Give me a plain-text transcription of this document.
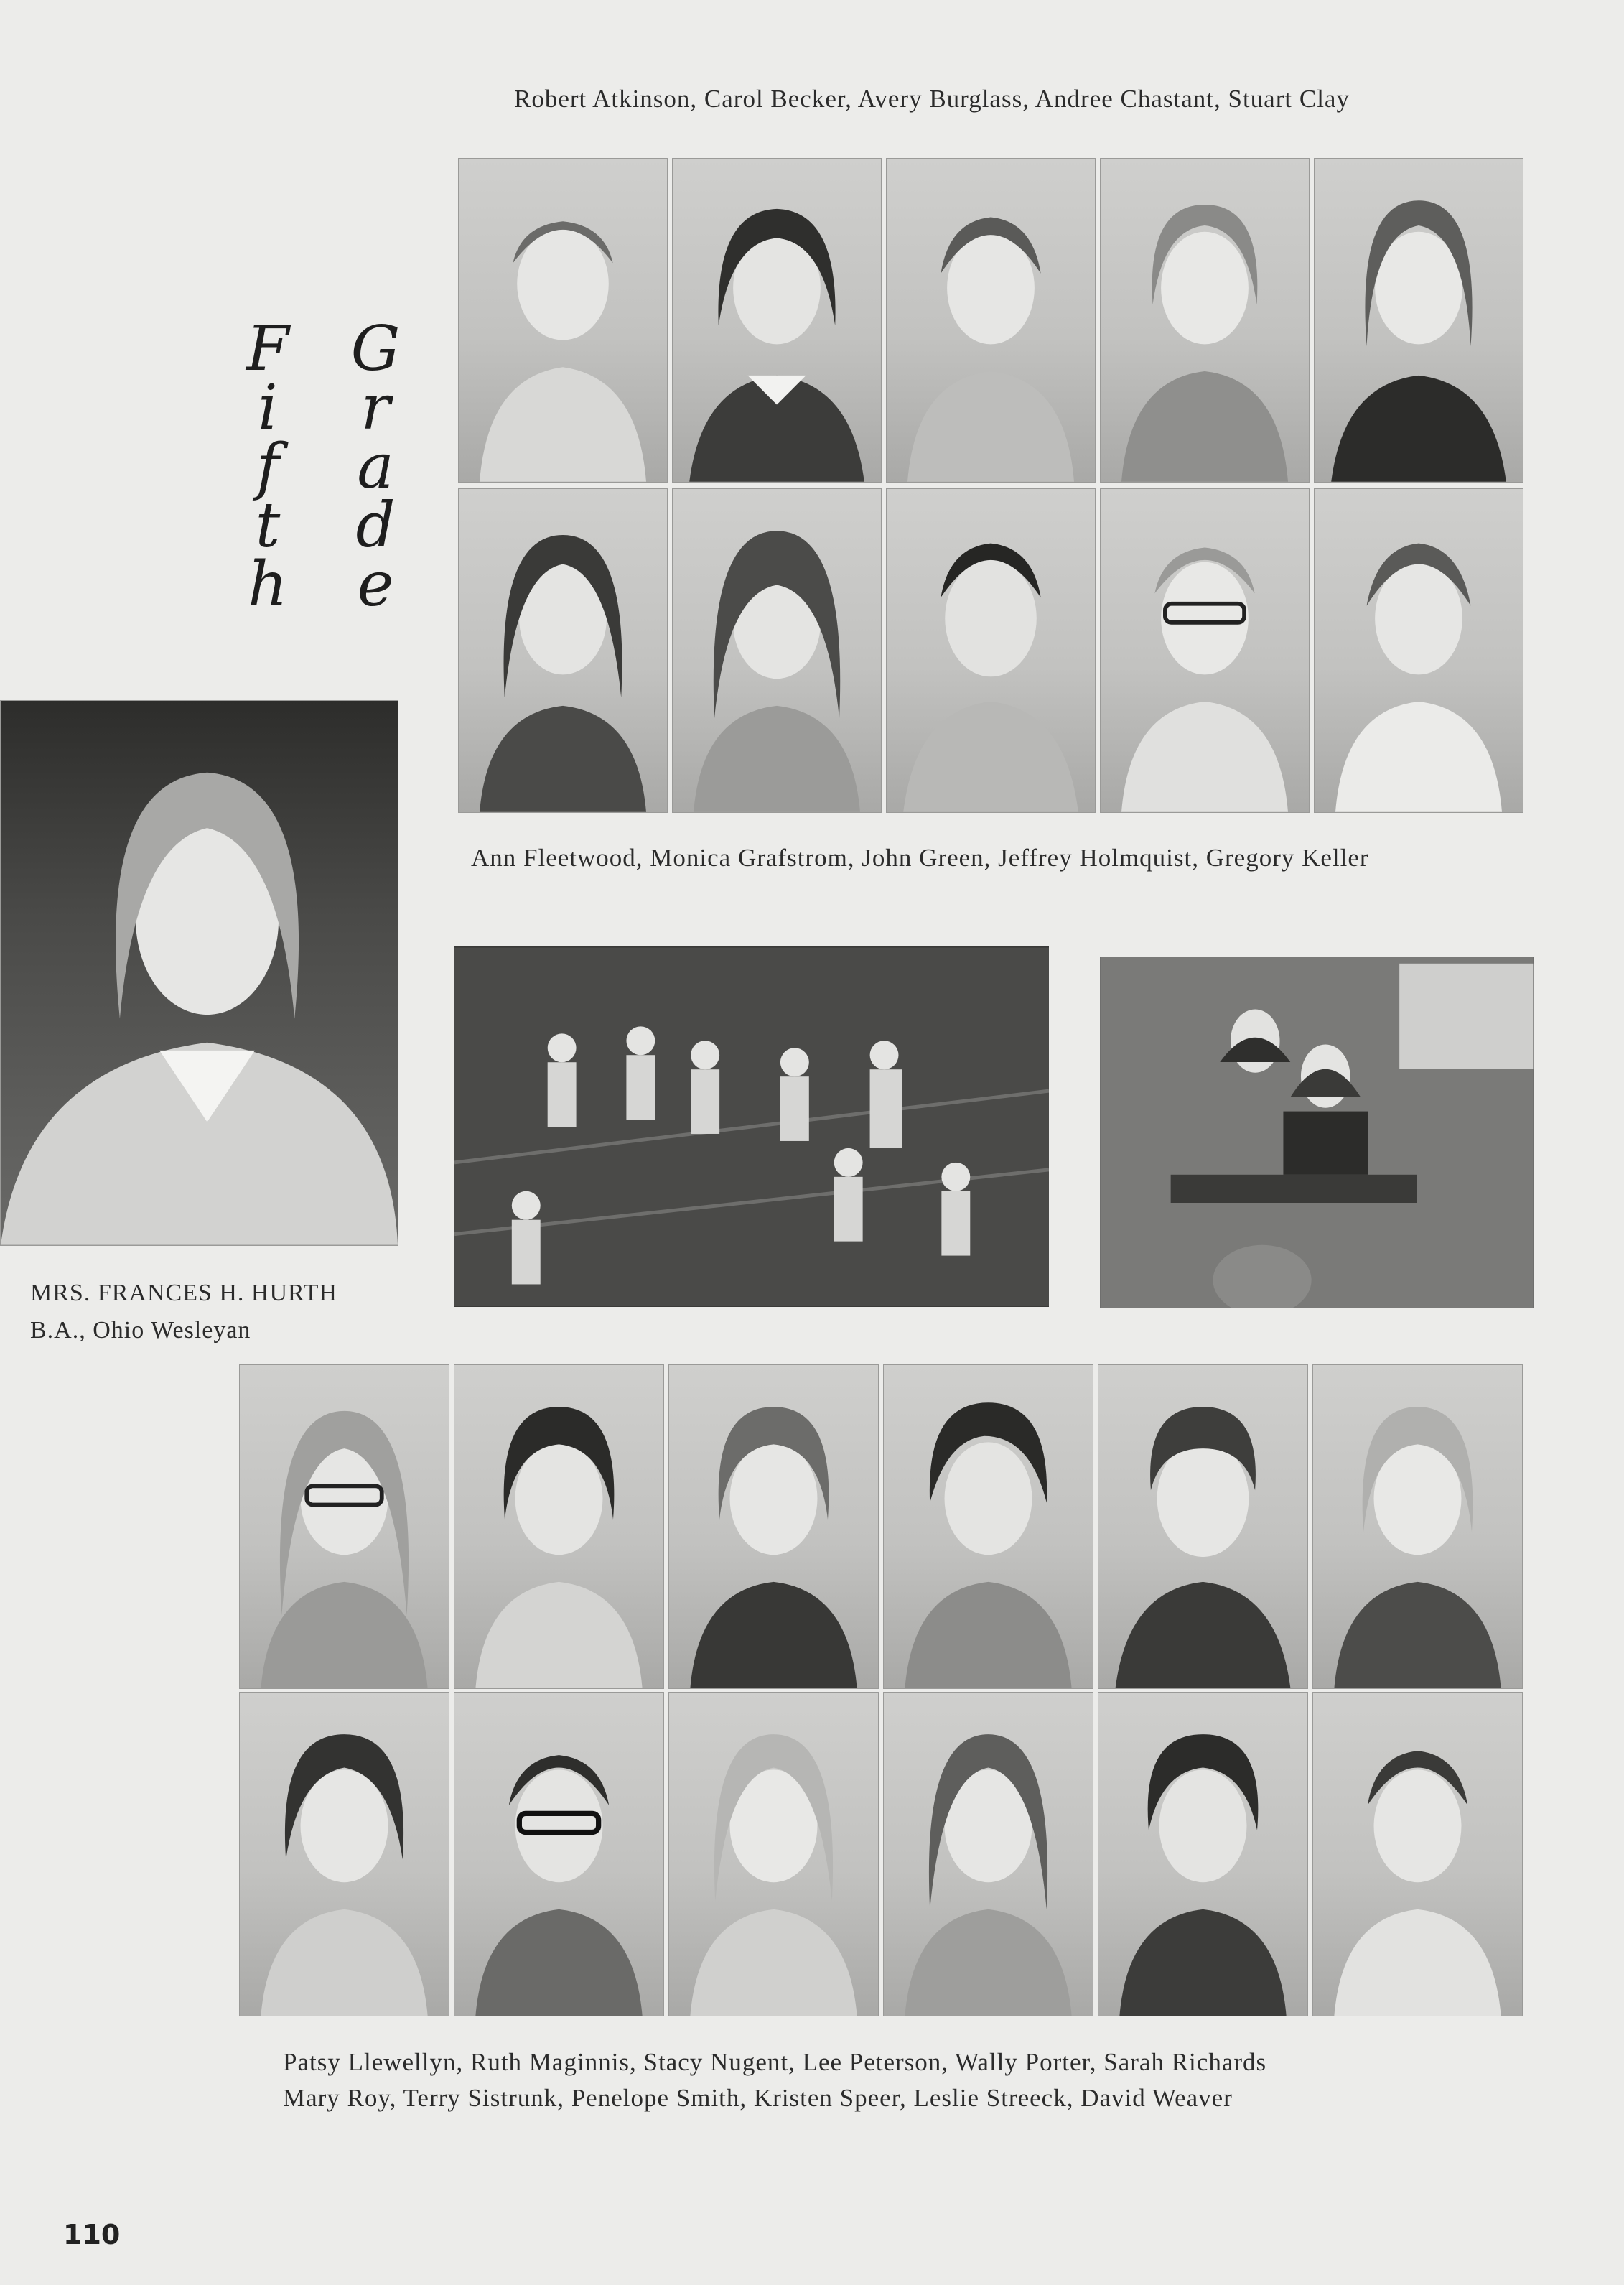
Robert Atkinson, Carol Becker, Avery Burglass, Andree Chastant, Stuart Clay
F
i
f
t
h
G
r
a
d
e
Ann Fleetwood, Monica Grafstrom, John Green, Jeffrey Holmquist, Gregory Keller
MRS. FRANCES H. HURTH
B.A., Ohio Wesleyan
Patsy Llewellyn, Ruth Maginnis, Stacy Nugent, Lee Peterson, Wally Porter, Sarah Richards
Mary Roy, Terry Sistrunk, Penelope Smith, Kristen Speer, Leslie Streeck, David Weaver
110
